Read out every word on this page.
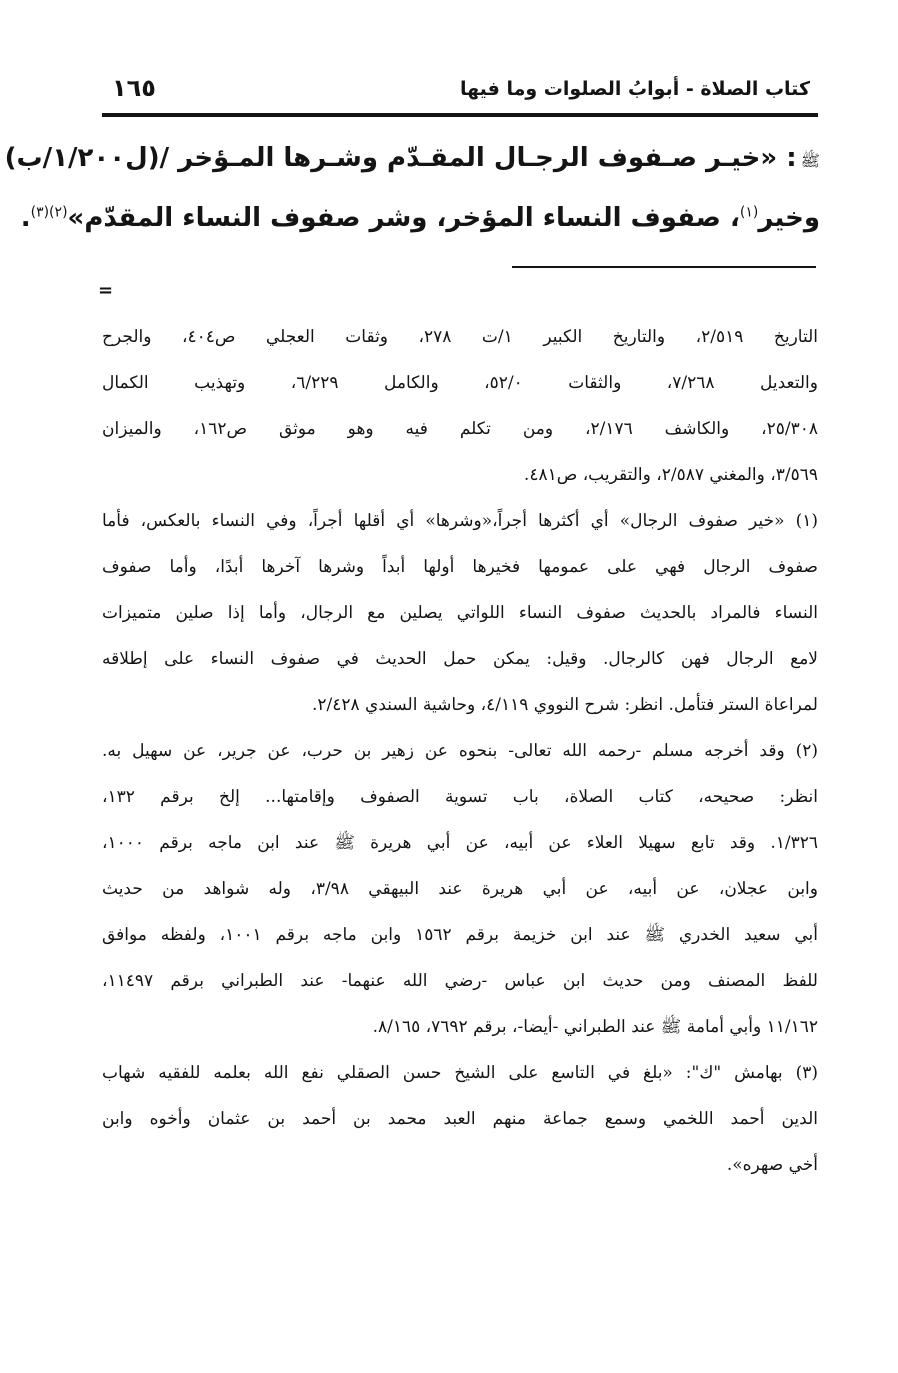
كتاب الصلاة - أبوابُ الصلوات وما فيها
١٦٥
ﷺ: «خيـر صـفوف الرجـال المقـدّم وشـرها المـؤخر /(ل١/٢٠٠/ب)
وخير$^{(١)}$، صفوف النساء المؤخر، وشر صفوف النساء المقدّم»$^{(٢)(٣)}$.
=
التاريخ ٢/٥١٩، والتاريخ الكبير ١/ت ٢٧٨، وثقات العجلي ص٤٠٤، والجرح
والتعديل ٧/٢٦٨، والثقات ٥٢/٠، والكامل ٦/٢٢٩، وتهذيب الكمال
٢٥/٣٠٨، والكاشف ٢/١٧٦، ومن تكلم فيه وهو موثق ص١٦٢، والميزان
٣/٥٦٩، والمغني ٢/٥٨٧، والتقريب، ص٤٨١.
(١) «خير صفوف الرجال» أي أكثرها أجراً،«وشرها» أي أقلها أجراً، وفي النساء بالعكس، فأما
صفوف الرجال فهي على عمومها فخيرها أولها أبداً وشرها آخرها أبدًا، وأما صفوف
النساء فالمراد بالحديث صفوف النساء اللواتي يصلين مع الرجال، وأما إذا صلين متميزات
لامع الرجال فهن كالرجال. وقيل: يمكن حمل الحديث في صفوف النساء على إطلاقه
لمراعاة الستر فتأمل. انظر: شرح النووي ٤/١١٩، وحاشية السندي ٢/٤٢٨.
(٢) وقد أخرجه مسلم -رحمه الله تعالى- بنحوه عن زهير بن حرب، عن جرير، عن سهيل به.
انظر: صحيحه، كتاب الصلاة، باب تسوية الصفوف وإقامتها... إلخ برقم ١٣٢،
١/٣٢٦. وقد تابع سهيلا العلاء عن أبيه، عن أبي هريرة ﷺ عند ابن ماجه برقم ١٠٠٠،
وابن عجلان، عن أبيه، عن أبي هريرة عند البيهقي ٣/٩٨، وله شواهد من حديث
أبي سعيد الخدري ﷺ عند ابن خزيمة برقم ١٥٦٢ وابن ماجه برقم ١٠٠١، ولفظه موافق
للفظ المصنف ومن حديث ابن عباس -رضي الله عنهما- عند الطبراني برقم ١١٤٩٧،
١١/١٦٢ وأبي أمامة ﷺ عند الطبراني -أيضا-، برقم ٧٦٩٢، ٨/١٦٥.
(٣) بهامش "ك": «بلغ في التاسع على الشيخ حسن الصقلي نفع الله بعلمه للفقيه شهاب
الدين أحمد اللخمي وسمع جماعة منهم العبد محمد بن أحمد بن عثمان وأخوه وابن
أخي صهره».
